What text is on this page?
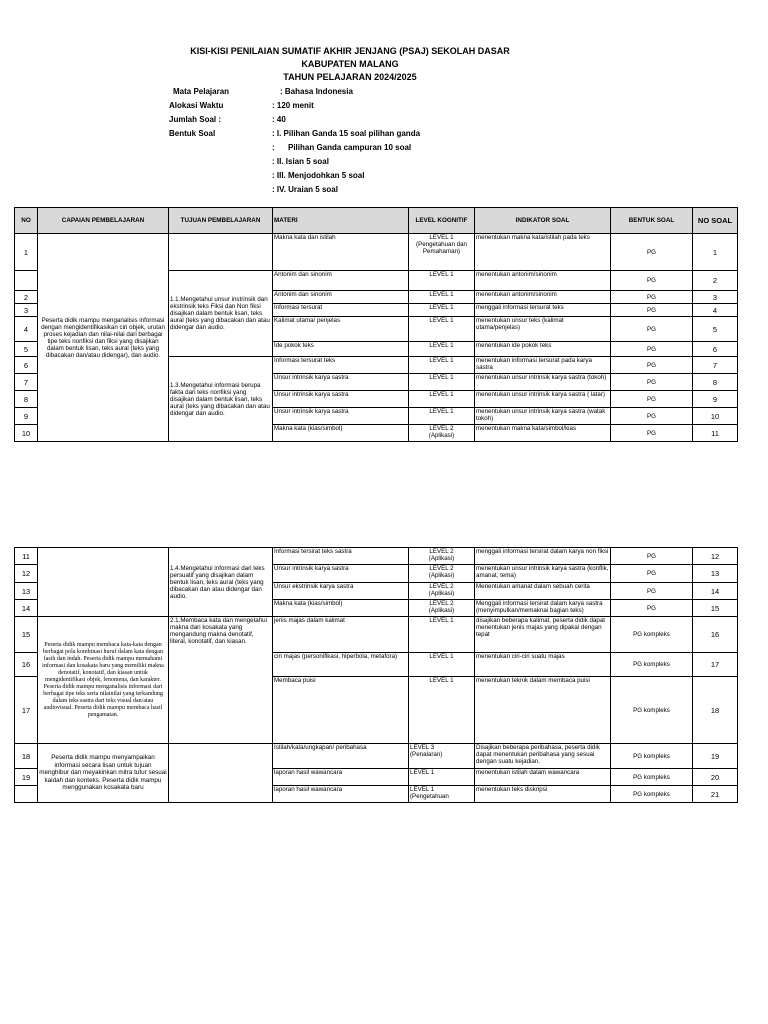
KISI-KISI PENILAIAN SUMATIF AKHIR JENJANG (PSAJ) SEKOLAH DASAR
KABUPATEN MALANG
TAHUN PELAJARAN 2024/2025
Mata Pelajaran	: Bahasa Indonesia
Alokasi Waktu	: 120 menit
Jumlah Soal :	: 40
Bentuk Soal	: I. Pilihan Ganda 15 soal pilihan ganda
:      Pilihan Ganda campuran 10 soal
: II. Isian 5 soal
: III. Menjodohkan 5 soal
: IV. Uraian 5 soal
NO	CAPAIAN PEMBELAJARAN	TUJUAN PEMBELAJARAN	MATERI	LEVEL KOGNITIF	INDIKATOR SOAL	BENTUK SOAL	NO SOAL
1	Peserta didik mampu menganalisis informasi dengan mengidentifikasikan ciri objek, urutan proses kejadian dan nilai-nilai dari berbagai tipe teks nonfiksi dan fiksi yang disajikan dalam bentuk lisan, teks aural (teks yang dibacakan dan/atau didengar), dan audio.		Makna kata dan istilah	LEVEL 1
(Pengetahuan dan Pemahaman)	menentukan makna kata/istilah pada teks	PG	1
		1.1.Mengetahui unsur instrinsik dan ekstrinsik teks Fiksi dan Non fiksi disajikan dalam bentuk lisan, teks aural (teks yang dibacakan dan atau didengar dan audio.	Antonim dan sinonim	LEVEL 1	menentukan antonim/sinonim	PG	2
2			Antonim dan sinonim	LEVEL 1	menentukan antonim/sinonim	PG	3
3			Informasi tersurat	LEVEL 1	menggali informasi tersurat teks	PG	4
4			Kalimat utama/ penjelas	LEVEL 1	menentukan unsur teks (kalimat utama/penjelas)	PG	5
5			Ide pokok teks	LEVEL 1	menentukan ide pokok teks	PG	6
6		1.3.Mengetahui informasi berupa fakta dari teks nonfiksi yang disajikan dalam bentuk lisan, teks aural (teks yang dibacakan dan atau didengar dan audio.	Informasi tersurat teks	LEVEL 1	menentukan informasi tersurat pada karya sastra	PG	7
7			Unsur intrinsik karya sastra	LEVEL 1	menentukan unsur intrinsik karya sastra (tokoh)	PG	8
8			Unsur intrinsik karya sastra	LEVEL 1	menentukan unsur intrinsik karya sastra ( latar)	PG	9
9			Unsur intrinsik karya sastra	LEVEL 1	menentukan unsur intrinsik karya sastra (watak tokoh)	PG	10
10			Makna kata (kias/simbol)	LEVEL 2
(Aplikasi)	menentukan makna kata/simbol/kias	PG	11
11		1.4.Mengetahui informasi dari teks persuatif yang disajikan dalam bentuk lisan, teks aural (teks yang dibacakan dan atau didengar dan audio.	Informasi tersirat teks sastra	LEVEL 2
(Aplikasi)	menggali informasi tersirat dalam karya non fiksi	PG	12
12			Unsur intrinsik karya sastra	LEVEL 2
(Aplikasi)	menentukan unsur intrinsik karya sastra (konflik, amanat, tema)	PG	13
13			Unsur ekstrinsik karya sastra	LEVEL 2
(Aplikasi)	Menentukan amanat dalam sebuah cerita	PG	14
14			Makna kata (kias/simbol)	LEVEL 2
(Aplikasi)	Menggali informasi tersirat dalam karya sastra (menyimpulkan/memaknai bagian teks)	PG	15
15	Peserta didik mampu membaca kata-kata dengan berbagai pola kombinasi huruf dalam kata dengan fasih dan indah. Peserta didik mampu memahami informasi dan kosakata baru yang memiliki makna denotatif, konotatif, dan kiasan untuk mengidentifikasi objek, fenomena, dan karakter. Peserta didik mampu menganalisis informasi dari berbagai tipe teks serta nilainilai yang terkandung dalam teks sastra dari teks visual dan/atau audiovisual. Peserta didik mampu membaca hasil pengamatan.	2.1.Membaca kata dan mengetahui makna dari kosakata yang mengandung makna denotatif, literal, konotatif, dan kiasan.	jenis majas dalam kalimat	LEVEL 1	disajikan beberapa kalimat, peserta didik dapat menentukan jenis majas yang dipakai dengan tepat	PG kompleks	16
16			ciri majas (personifikasi, hiperbola, metafora)	LEVEL 1	menentukan ciri-ciri suatu majas	PG kompleks	17
17			Membaca puisi	LEVEL 1	menentukan teknik dalam membaca puisi	PG kompleks	18
18	Peserta didik mampu menyampaikan informasi secara lisan untuk tujuan menghibur dan meyakinkan mitra tutur sesuai kaidah dan konteks. Peserta didik mampu menggunakan kosakata baru		Istilah/kata/ungkapan/ peribahasa	LEVEL 3
(Penalaran)	Disajikan beberapa peribahasa, peserta didik dapat menentukan peribahasa yang sesuai dengan suatu kejadian.	PG kompleks	19
19			laporan hasil wawancara	LEVEL 1	menentukan istilah dalam wawancara	PG kompleks	20
			laporan hasil wawancara	LEVEL 1
(Pengetahuan	menentukan teks diskripsi	PG kompleks	21
